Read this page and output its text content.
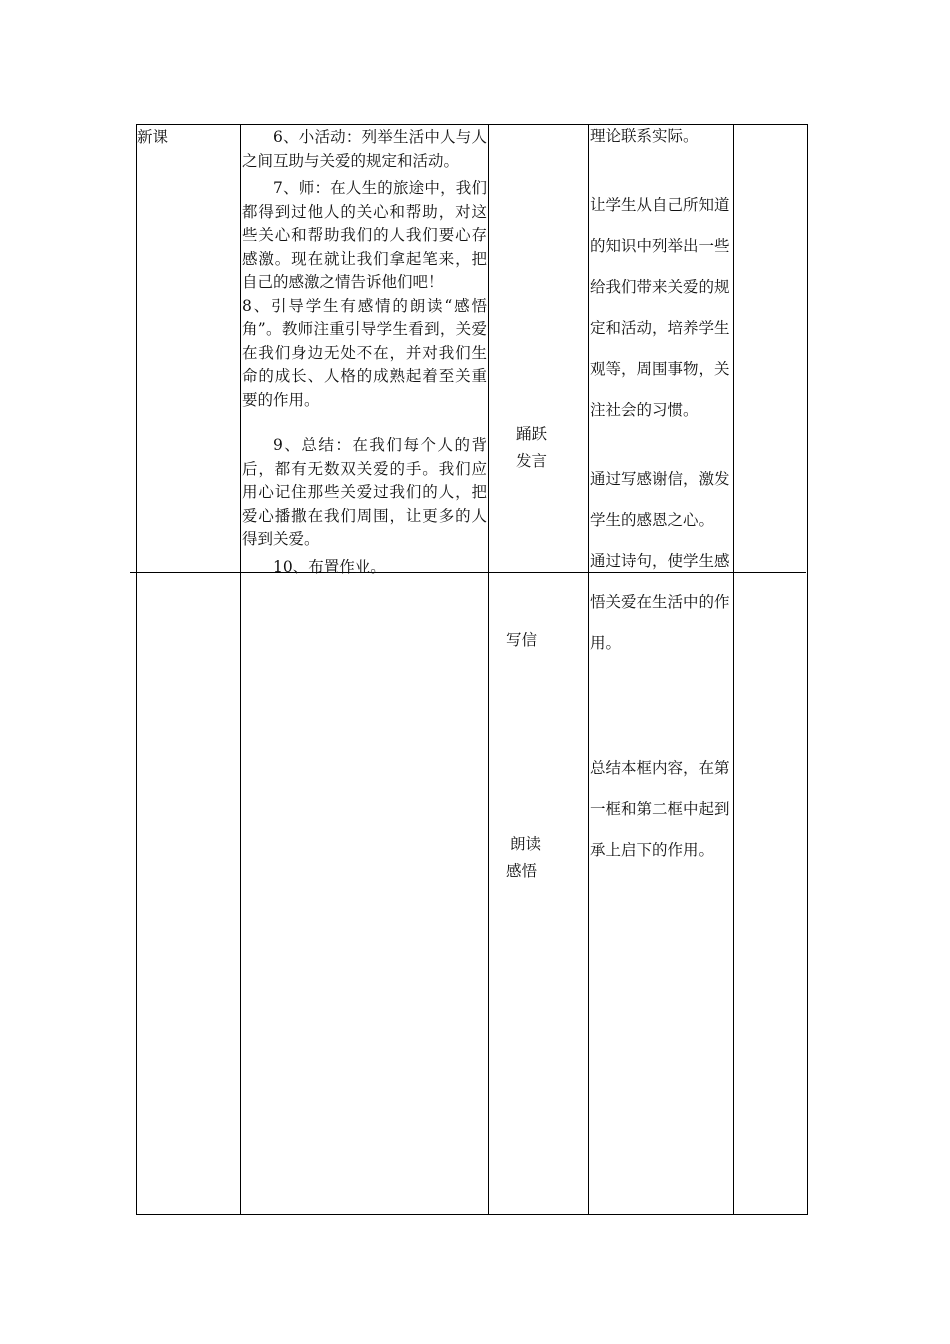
新课	6、小活动：列举生活中人与人之间互助与关爱的规定和活动。

7、师：在人生的旅途中，我们都得到过他人的关心和帮助，对这些关心和帮助我们的人我们要心存感激。现在就让我们拿起笔来，把自己的感激之情告诉他们吧！

8、引导学生有感情的朗读“感悟角”。教师注重引导学生看到，关爱在我们身边无处不在，并对我们生命的成长、人格的成熟起着至关重要的作用。

9、总结：在我们每个人的背后，都有无数双关爱的手。我们应用心记住那些关爱过我们的人，把爱心播撒在我们周围，让更多的人得到关爱。

10、布置作业。

踊跃
发言
写信
朗读
感悟

理论联系实际。

让学生从自己所知道的知识中列举出一些给我们带来关爱的规定和活动，培养学生观等，周围事物，关注社会的习惯。

通过写感谢信，激发学生的感恩之心。

通过诗句，使学生感悟关爱在生活中的作用。

总结本框内容，在第一框和第二框中起到承上启下的作用。
